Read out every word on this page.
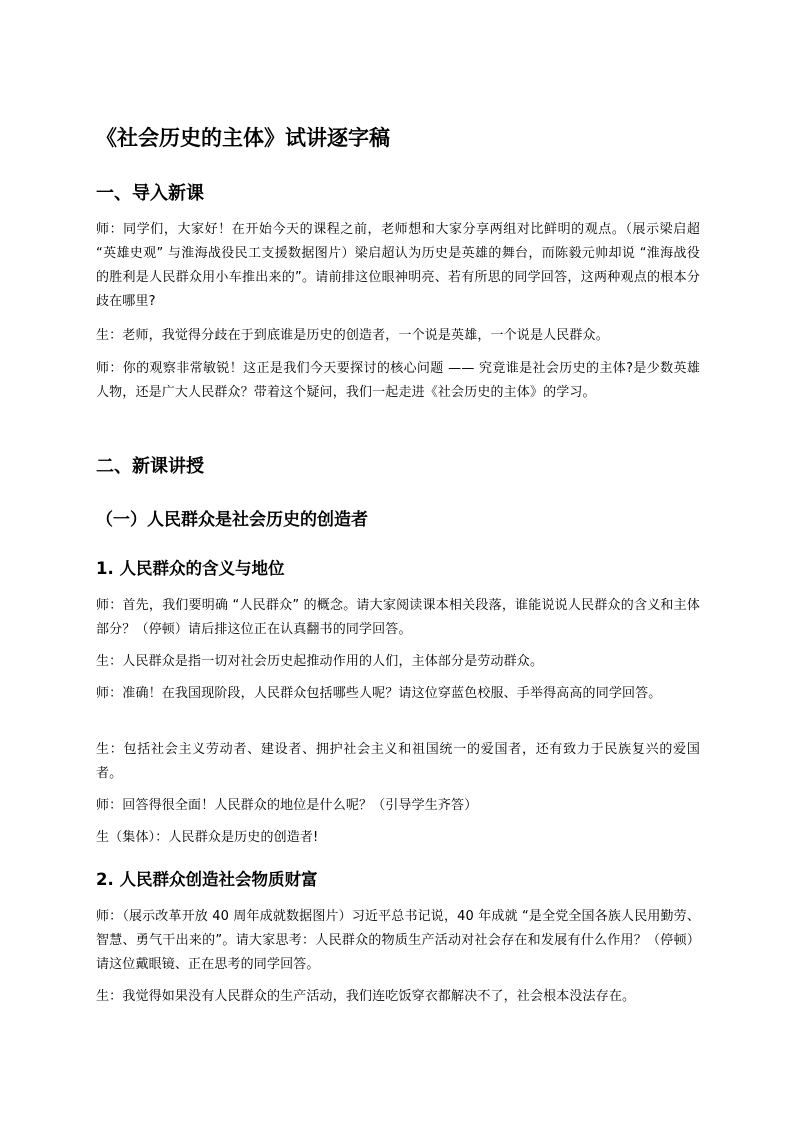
《社会历史的主体》试讲逐字稿
一、导入新课

师：同学们，大家好！在开始今天的课程之前，老师想和大家分享两组对比鲜明的观点。（展示梁启超 “英雄史观” 与淮海战役民工支援数据图片）梁启超认为历史是英雄的舞台，而陈毅元帅却说 “淮海战役的胜利是人民群众用小车推出来的”。请前排这位眼神明亮、若有所思的同学回答，这两种观点的根本分歧在哪里?

生：老师，我觉得分歧在于到底谁是历史的创造者，一个说是英雄，一个说是人民群众。

师：你的观察非常敏锐！这正是我们今天要探讨的核心问题 —— 究竟谁是社会历史的主体?是少数英雄人物，还是广大人民群众？带着这个疑问，我们一起走进《社会历史的主体》的学习。

二、新课讲授
（一）人民群众是社会历史的创造者
1. 人民群众的含义与地位

师：首先，我们要明确 “人民群众” 的概念。请大家阅读课本相关段落，谁能说说人民群众的含义和主体部分？（停顿）请后排这位正在认真翻书的同学回答。

生：人民群众是指一切对社会历史起推动作用的人们，主体部分是劳动群众。

师：准确！在我国现阶段，人民群众包括哪些人呢？请这位穿蓝色校服、手举得高高的同学回答。

生：包括社会主义劳动者、建设者、拥护社会主义和祖国统一的爱国者，还有致力于民族复兴的爱国者。

师：回答得很全面！人民群众的地位是什么呢？（引导学生齐答）

生（集体）：人民群众是历史的创造者!

2. 人民群众创造社会物质财富

师：（展示改革开放 40 周年成就数据图片）习近平总书记说，40 年成就 “是全党全国各族人民用勤劳、智慧、勇气干出来的”。请大家思考：人民群众的物质生产活动对社会存在和发展有什么作用？（停顿）请这位戴眼镜、正在思考的同学回答。

生：我觉得如果没有人民群众的生产活动，我们连吃饭穿衣都解决不了，社会根本没法存在。
